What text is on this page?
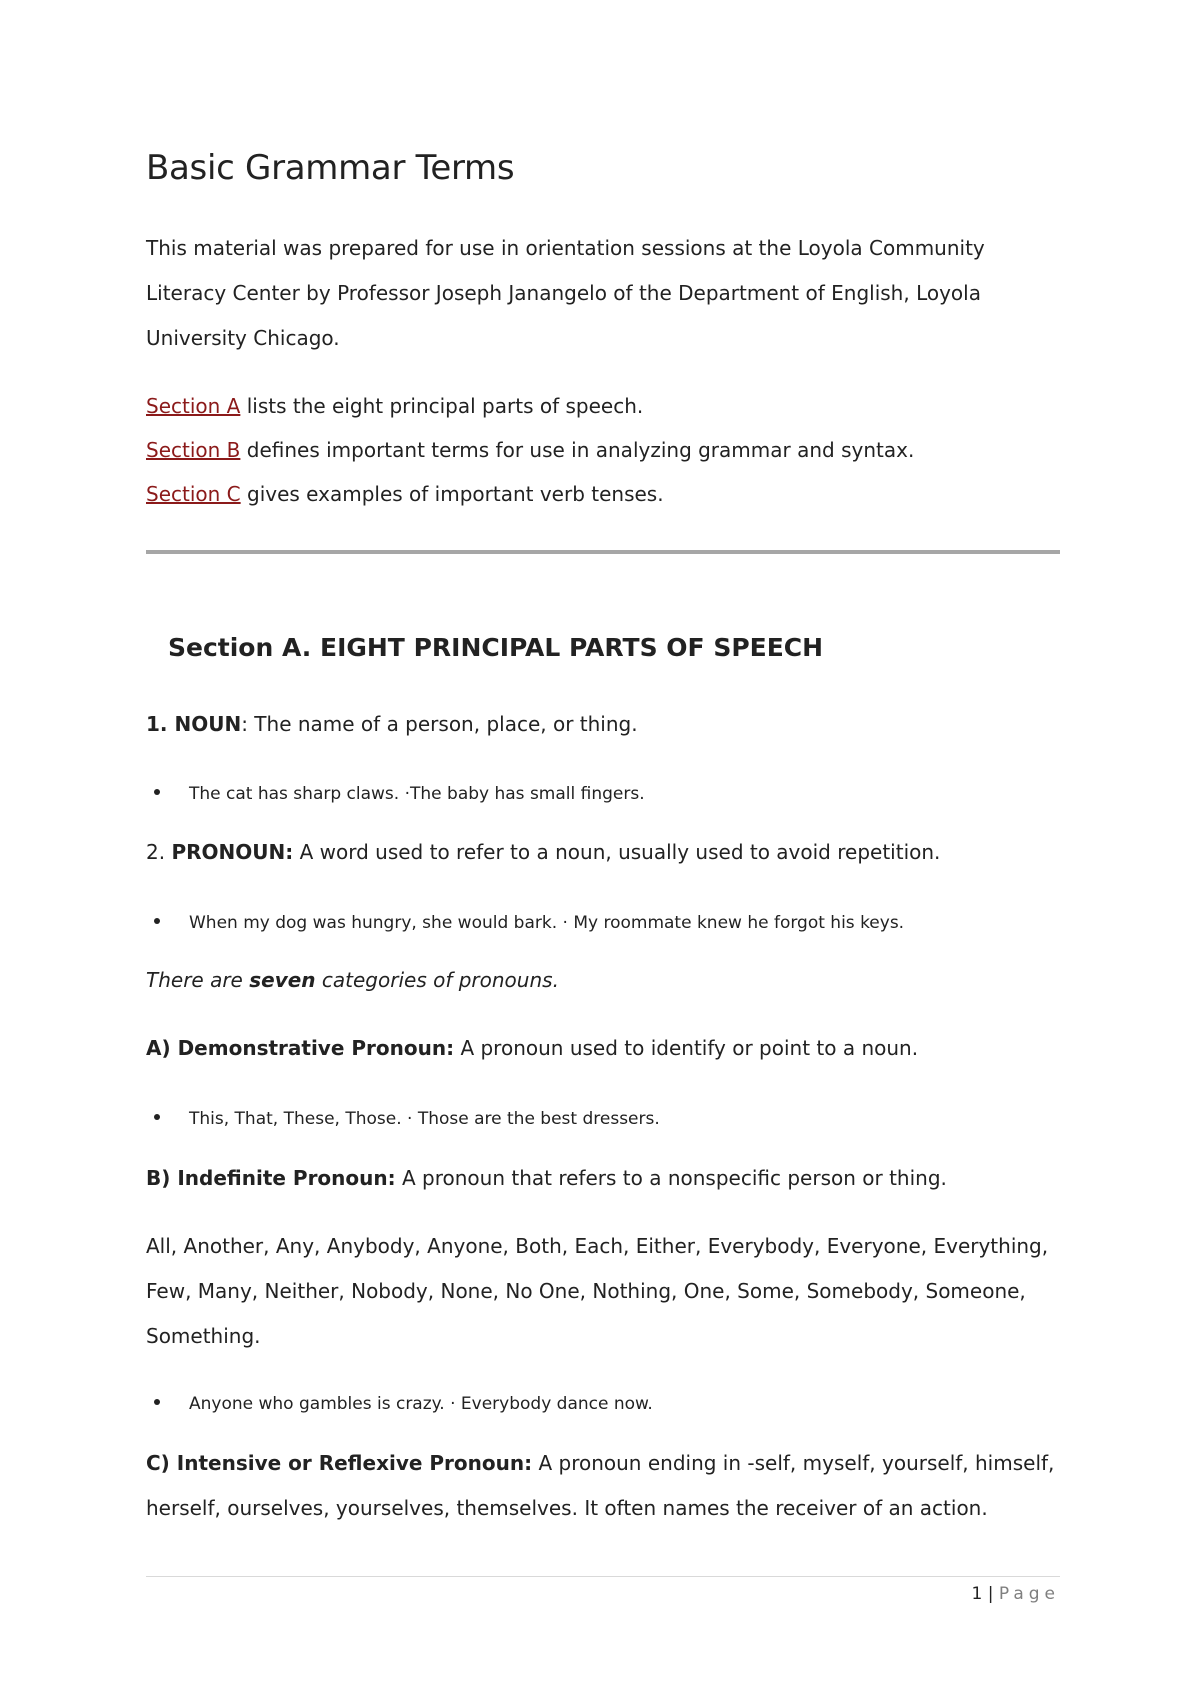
Basic Grammar Terms

This material was prepared for use in orientation sessions at the Loyola Community Literacy Center by Professor Joseph Janangelo of the Department of English, Loyola University Chicago.

Section A lists the eight principal parts of speech.
Section B defines important terms for use in analyzing grammar and syntax.
Section C gives examples of important verb tenses.
Section A. EIGHT PRINCIPAL PARTS OF SPEECH

1. NOUN: The name of a person, place, or thing.

The cat has sharp claws. ·The baby has small fingers.

2. PRONOUN: A word used to refer to a noun, usually used to avoid repetition.

When my dog was hungry, she would bark. · My roommate knew he forgot his keys.

There are seven categories of pronouns.

A) Demonstrative Pronoun: A pronoun used to identify or point to a noun.

This, That, These, Those. · Those are the best dressers.

B) Indefinite Pronoun: A pronoun that refers to a nonspecific person or thing.

All, Another, Any, Anybody, Anyone, Both, Each, Either, Everybody, Everyone, Everything, Few, Many, Neither, Nobody, None, No One, Nothing, One, Some, Somebody, Someone, Something.

Anyone who gambles is crazy. · Everybody dance now.

C) Intensive or Reflexive Pronoun: A pronoun ending in -self, myself, yourself, himself, herself, ourselves, yourselves, themselves. It often names the receiver of an action.

1 | Page
